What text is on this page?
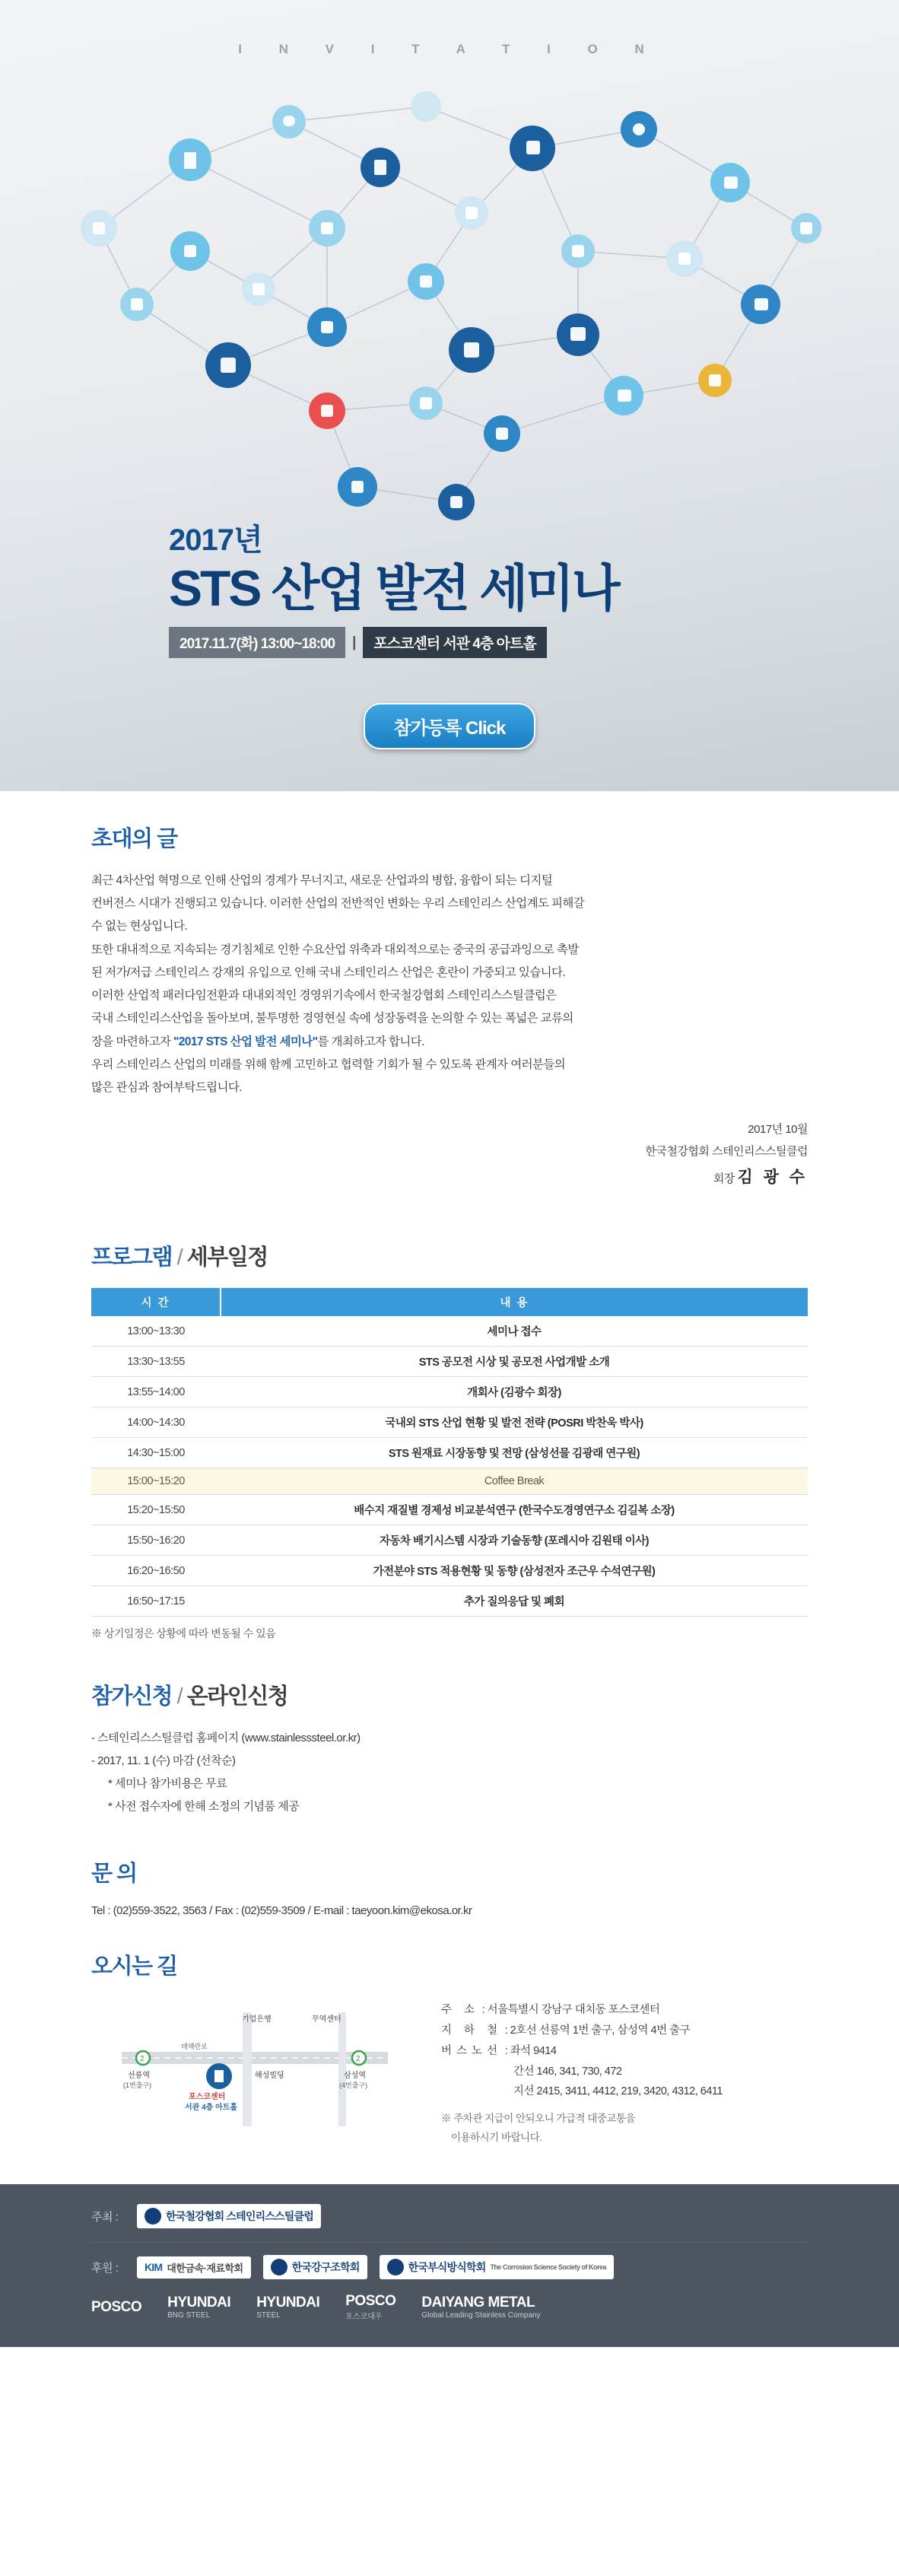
I N V I T A T I O N
2017년
STS 산업 발전 세미나
2017.11.7(화) 13:00~18:00	|	포스코센터 서관 4층 아트홀
참가등록 Click
초대의 글
최근 4차산업 혁명으로 인해 산업의 경계가 무너지고, 새로운 산업과의 병합, 융합이 되는 디지털
컨버전스 시대가 진행되고 있습니다. 이러한 산업의 전반적인 변화는 우리 스테인리스 산업계도 피해갈
수 없는 현상입니다.
또한 대내적으로 지속되는 경기침체로 인한 수요산업 위축과 대외적으로는 중국의 공급과잉으로 촉발
된 저가/저급 스테인리스 강재의 유입으로 인해 국내 스테인리스 산업은 혼란이 가중되고 있습니다.
이러한 산업적 패러다임전환과 대내외적인 경영위기속에서 한국철강협회 스테인리스스틸클럽은
국내 스테인리스산업을 돌아보며, 불투명한 경영현실 속에 성장동력을 논의할 수 있는 폭넓은 교류의
장을 마련하고자 "2017 STS 산업 발전 세미나"를 개최하고자 합니다.
우리 스테인리스 산업의 미래를 위해 함께 고민하고 협력할 기회가 될 수 있도록 관계자 여러분들의
많은 관심과 참여부탁드립니다.
2017년 10월
한국철강협회 스테인리스스틸클럽
회장 김 광 수
프로그램 / 세부일정
시 간	내 용
13:00~13:30	세미나 접수
13:30~13:55	STS 공모전 시상 및 공모전 사업개발 소개
13:55~14:00	개회사 (김광수 회장)
14:00~14:30	국내외 STS 산업 현황 및 발전 전략 (POSRI 박찬욱 박사)
14:30~15:00	STS 원재료 시장동향 및 전망 (삼성선물 김광래 연구원)
15:00~15:20	Coffee Break
15:20~15:50	배수지 재질별 경제성 비교분석연구 (한국수도경영연구소 김길복 소장)
15:50~16:20	자동차 배기시스템 시장과 기술동향 (포레시아 김원태 이사)
16:20~16:50	가전분야 STS 적용현황 및 동향 (삼성전자 조근우 수석연구원)
16:50~17:15	추가 질의응답 및 폐회
※ 상기일정은 상황에 따라 변동될 수 있음
참가신청 / 온라인신청
- 스테인리스스틸클럽 홈페이지 (www.stainlesssteel.or.kr)
- 2017, 11. 1 (수) 마감 (선착순)
* 세미나 참가비용은 무료
* 사전 접수자에 한해 소정의 기념품 제공
문 의
Tel : (02)559-3522, 3563 / Fax : (02)559-3509 / E-mail : taeyoon.kim@ekosa.or.kr
오시는 길
테헤란로
기업은행	무역센터
2
선릉역
(1번출구)
2
삼성역
(4번출구)
해성빌딩
포스코센터
서관 4층 아트홀
주 소 : 서울특별시 강남구 대치동 포스코센터
지 하 철 : 2호선 선릉역 1번 출구, 삼성역 4번 출구
버스노선 : 좌석 9414
간선 146, 341, 730, 472
지선 2415, 3411, 4412, 219, 3420, 4312, 6411
※ 주차관 지급이 안되오니 가급적 대중교통을
이용하시기 바랍니다.
주최 :	한국철강협회 스테인리스스틸클럽
후원 :	KIM 대한금속·재료학회	한국강구조학회	한국부식방식학회 The Corrosion Science Society of Korea
POSCO HYUNDAI
BNG STEEL
HYUNDAI
STEEL
POSCO
포스코대우
DAIYANG METAL
Global Leading Stainless Company
